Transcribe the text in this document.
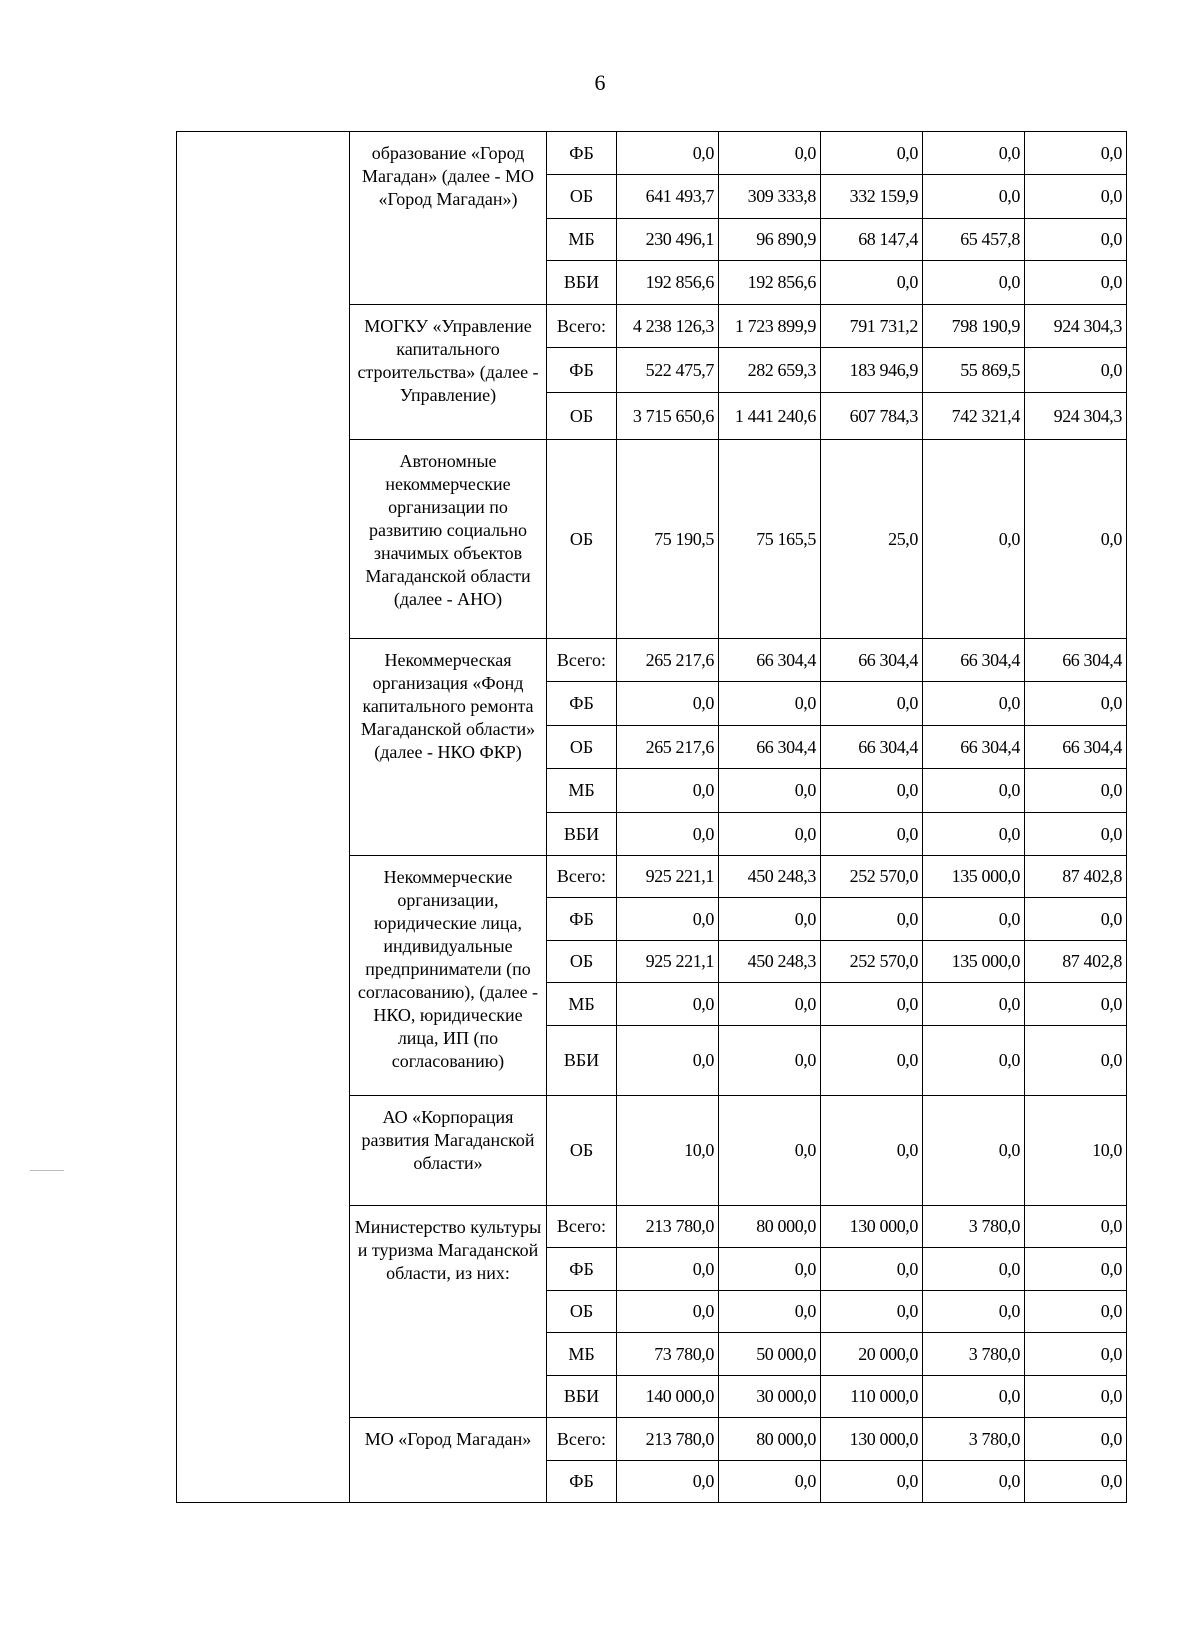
6
	образование «Город Магадан» (далее - МО «Город Магадан»)	ФБ	0,0	0,0	0,0	0,0	0,0
		ОБ	641 493,7	309 333,8	332 159,9	0,0	0,0
		МБ	230 496,1	96 890,9	68 147,4	65 457,8	0,0
		ВБИ	192 856,6	192 856,6	0,0	0,0	0,0
	МОГКУ «Управление капитального строительства» (далее - Управление)	Всего:	4 238 126,3	1 723 899,9	791 731,2	798 190,9	924 304,3
		ФБ	522 475,7	282 659,3	183 946,9	55 869,5	0,0
		ОБ	3 715 650,6	1 441 240,6	607 784,3	742 321,4	924 304,3
	Автономные некоммерческие организации по развитию социально значимых объектов Магаданской области (далее - АНО)	ОБ	75 190,5	75 165,5	25,0	0,0	0,0
	Некоммерческая организация «Фонд капитального ремонта Магаданской области» (далее - НКО ФКР)	Всего:	265 217,6	66 304,4	66 304,4	66 304,4	66 304,4
		ФБ	0,0	0,0	0,0	0,0	0,0
		ОБ	265 217,6	66 304,4	66 304,4	66 304,4	66 304,4
		МБ	0,0	0,0	0,0	0,0	0,0
		ВБИ	0,0	0,0	0,0	0,0	0,0
	Некоммерческие организации, юридические лица, индивидуальные предприниматели (по согласованию), (далее - НКО, юридические лица, ИП (по согласованию)	Всего:	925 221,1	450 248,3	252 570,0	135 000,0	87 402,8
		ФБ	0,0	0,0	0,0	0,0	0,0
		ОБ	925 221,1	450 248,3	252 570,0	135 000,0	87 402,8
		МБ	0,0	0,0	0,0	0,0	0,0
		ВБИ	0,0	0,0	0,0	0,0	0,0
	АО «Корпорация развития Магаданской области»	ОБ	10,0	0,0	0,0	0,0	10,0
	Министерство культуры и туризма Магаданской области, из них:	Всего:	213 780,0	80 000,0	130 000,0	3 780,0	0,0
		ФБ	0,0	0,0	0,0	0,0	0,0
		ОБ	0,0	0,0	0,0	0,0	0,0
		МБ	73 780,0	50 000,0	20 000,0	3 780,0	0,0
		ВБИ	140 000,0	30 000,0	110 000,0	0,0	0,0
	МО «Город Магадан»	Всего:	213 780,0	80 000,0	130 000,0	3 780,0	0,0
		ФБ	0,0	0,0	0,0	0,0	0,0
